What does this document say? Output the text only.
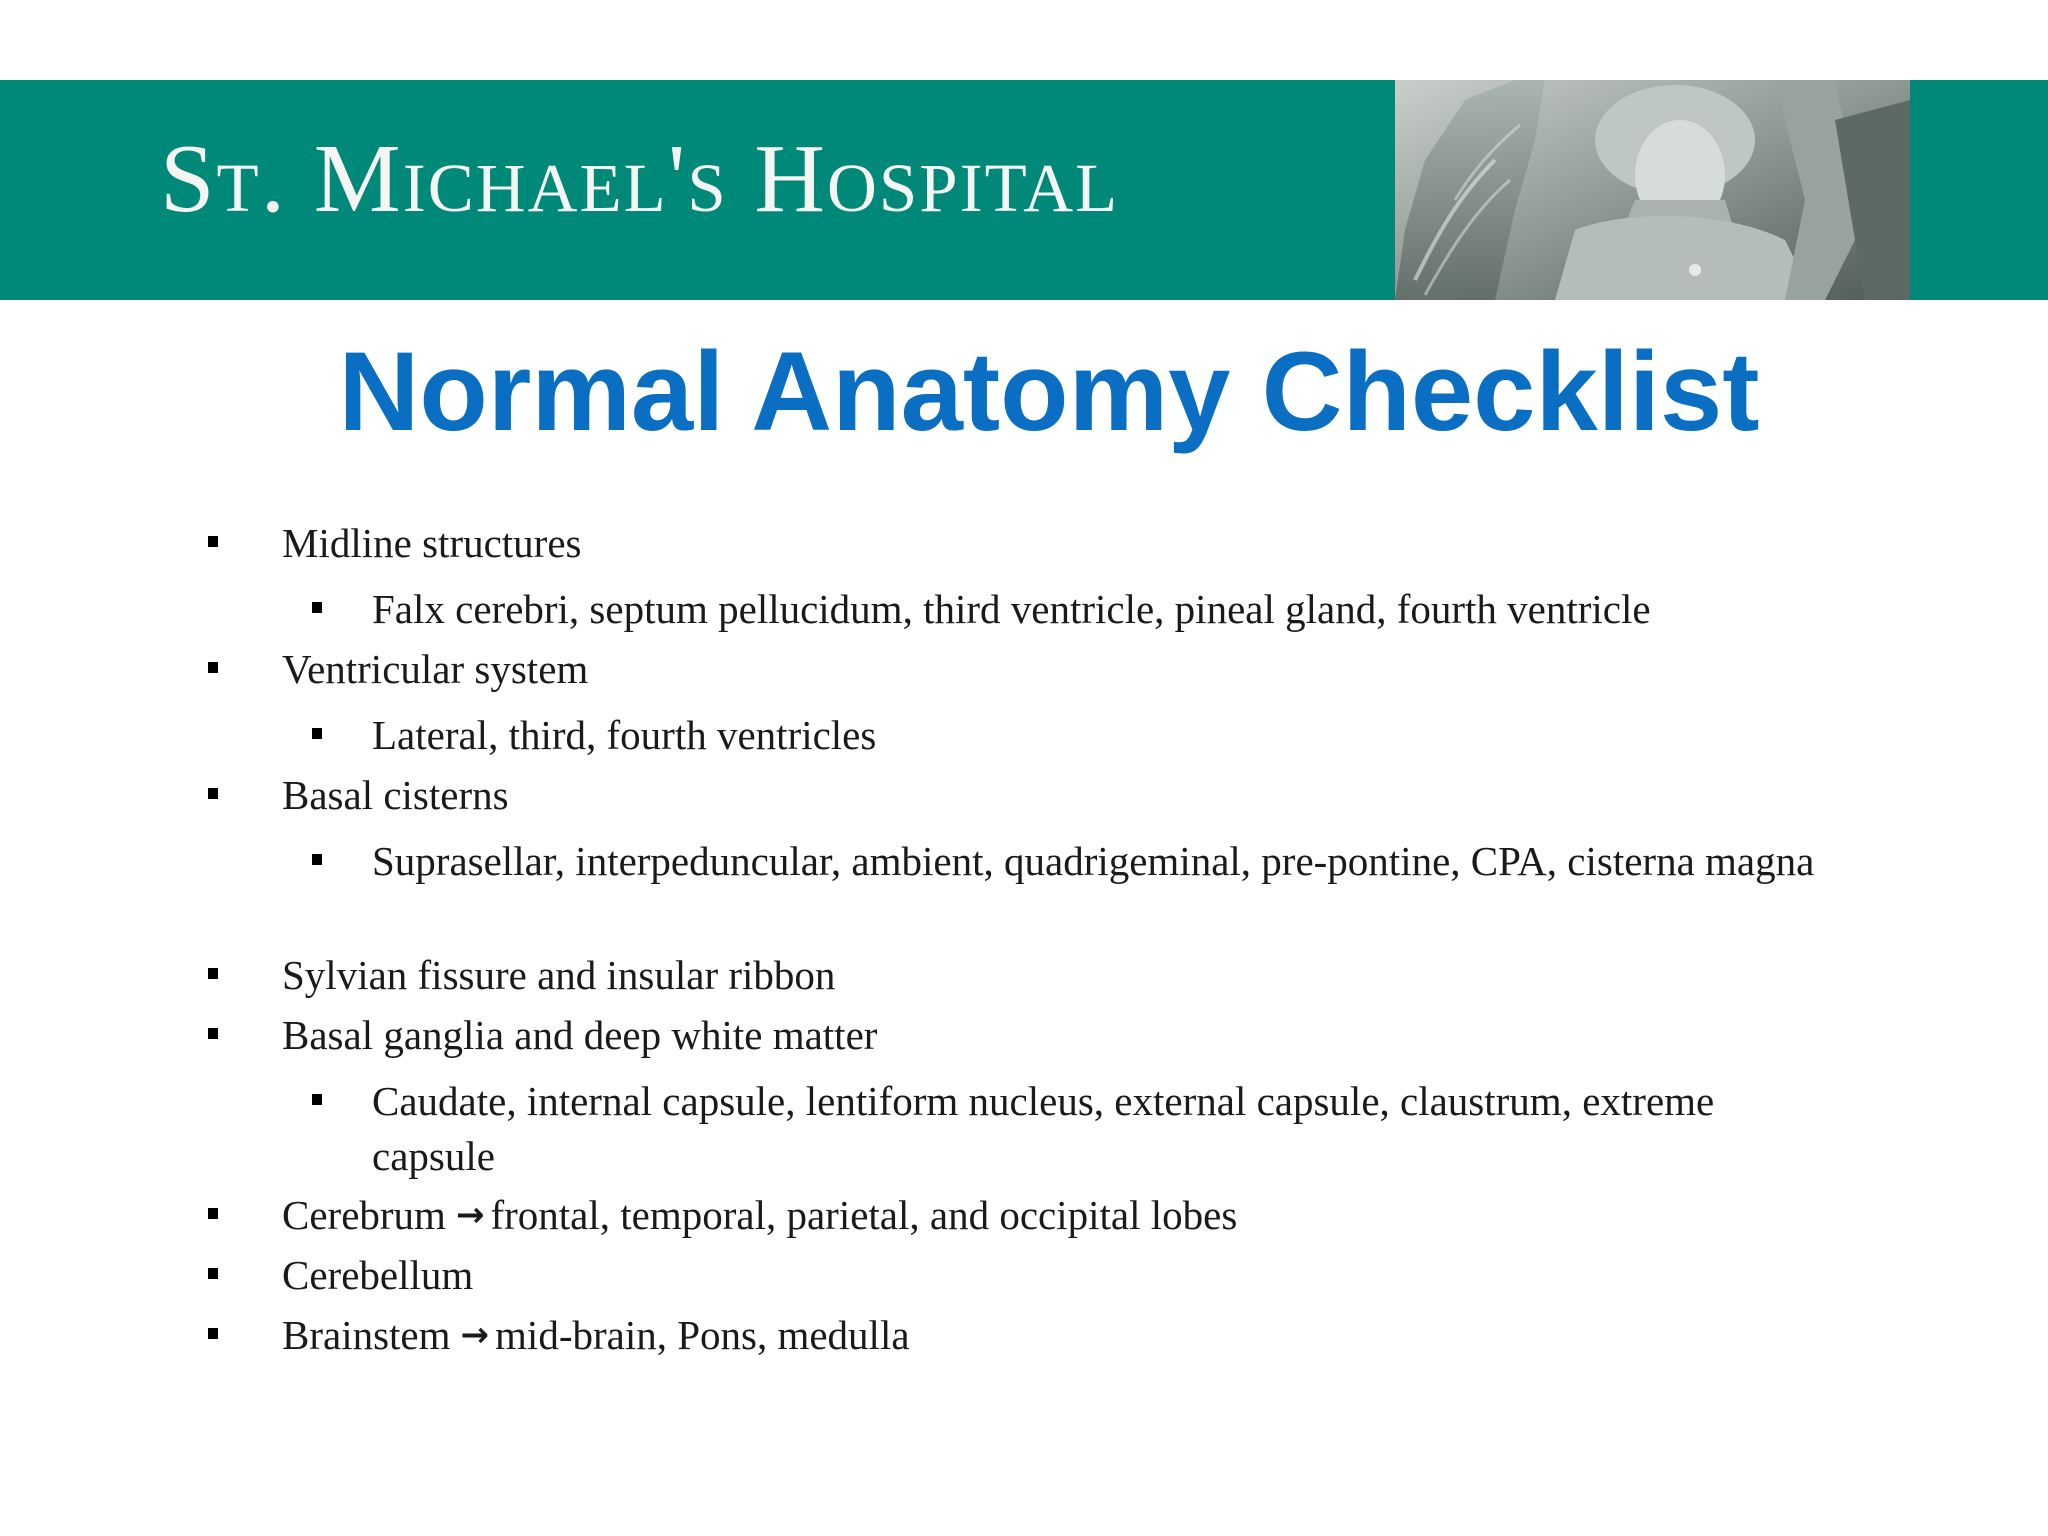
St. Michael's Hospital
Normal Anatomy Checklist
Midline structures
Falx cerebri, septum pellucidum, third ventricle, pineal gland, fourth ventricle
Ventricular system
Lateral, third, fourth ventricles
Basal cisterns
Suprasellar, interpeduncular, ambient, quadrigeminal, pre-pontine, CPA, cisterna magna
Sylvian fissure and insular ribbon
Basal ganglia and deep white matter
Caudate, internal capsule, lentiform nucleus, external capsule, claustrum, extreme capsule
Cerebrum → frontal, temporal, parietal, and occipital lobes
Cerebellum
Brainstem → mid-brain, Pons, medulla
